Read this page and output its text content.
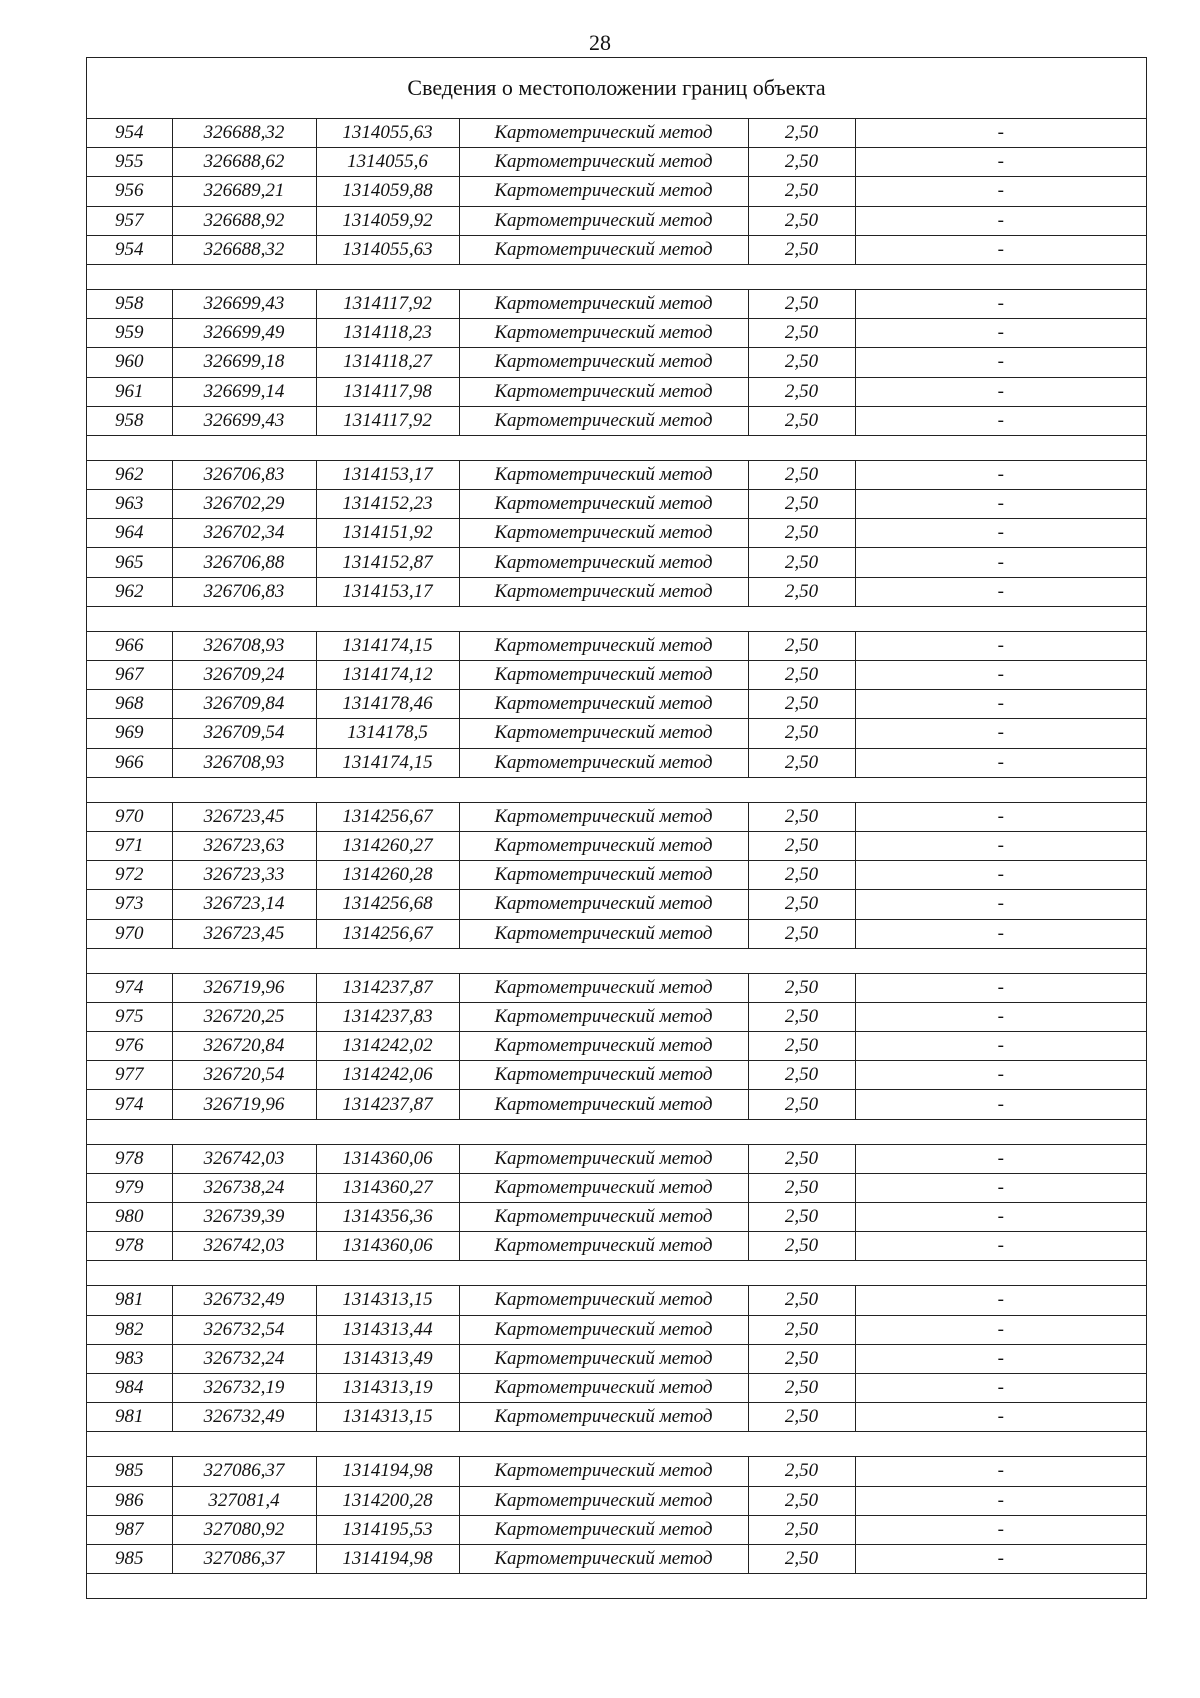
28
Сведения о местоположении границ объекта
954	326688,32	1314055,63	Картометрический метод	2,50	-
955	326688,62	1314055,6	Картометрический метод	2,50	-
956	326689,21	1314059,88	Картометрический метод	2,50	-
957	326688,92	1314059,92	Картометрический метод	2,50	-
954	326688,32	1314055,63	Картометрический метод	2,50	-

958	326699,43	1314117,92	Картометрический метод	2,50	-
959	326699,49	1314118,23	Картометрический метод	2,50	-
960	326699,18	1314118,27	Картометрический метод	2,50	-
961	326699,14	1314117,98	Картометрический метод	2,50	-
958	326699,43	1314117,92	Картометрический метод	2,50	-

962	326706,83	1314153,17	Картометрический метод	2,50	-
963	326702,29	1314152,23	Картометрический метод	2,50	-
964	326702,34	1314151,92	Картометрический метод	2,50	-
965	326706,88	1314152,87	Картометрический метод	2,50	-
962	326706,83	1314153,17	Картометрический метод	2,50	-

966	326708,93	1314174,15	Картометрический метод	2,50	-
967	326709,24	1314174,12	Картометрический метод	2,50	-
968	326709,84	1314178,46	Картометрический метод	2,50	-
969	326709,54	1314178,5	Картометрический метод	2,50	-
966	326708,93	1314174,15	Картометрический метод	2,50	-

970	326723,45	1314256,67	Картометрический метод	2,50	-
971	326723,63	1314260,27	Картометрический метод	2,50	-
972	326723,33	1314260,28	Картометрический метод	2,50	-
973	326723,14	1314256,68	Картометрический метод	2,50	-
970	326723,45	1314256,67	Картометрический метод	2,50	-

974	326719,96	1314237,87	Картометрический метод	2,50	-
975	326720,25	1314237,83	Картометрический метод	2,50	-
976	326720,84	1314242,02	Картометрический метод	2,50	-
977	326720,54	1314242,06	Картометрический метод	2,50	-
974	326719,96	1314237,87	Картометрический метод	2,50	-

978	326742,03	1314360,06	Картометрический метод	2,50	-
979	326738,24	1314360,27	Картометрический метод	2,50	-
980	326739,39	1314356,36	Картометрический метод	2,50	-
978	326742,03	1314360,06	Картометрический метод	2,50	-

981	326732,49	1314313,15	Картометрический метод	2,50	-
982	326732,54	1314313,44	Картометрический метод	2,50	-
983	326732,24	1314313,49	Картометрический метод	2,50	-
984	326732,19	1314313,19	Картометрический метод	2,50	-
981	326732,49	1314313,15	Картометрический метод	2,50	-

985	327086,37	1314194,98	Картометрический метод	2,50	-
986	327081,4	1314200,28	Картометрический метод	2,50	-
987	327080,92	1314195,53	Картометрический метод	2,50	-
985	327086,37	1314194,98	Картометрический метод	2,50	-
